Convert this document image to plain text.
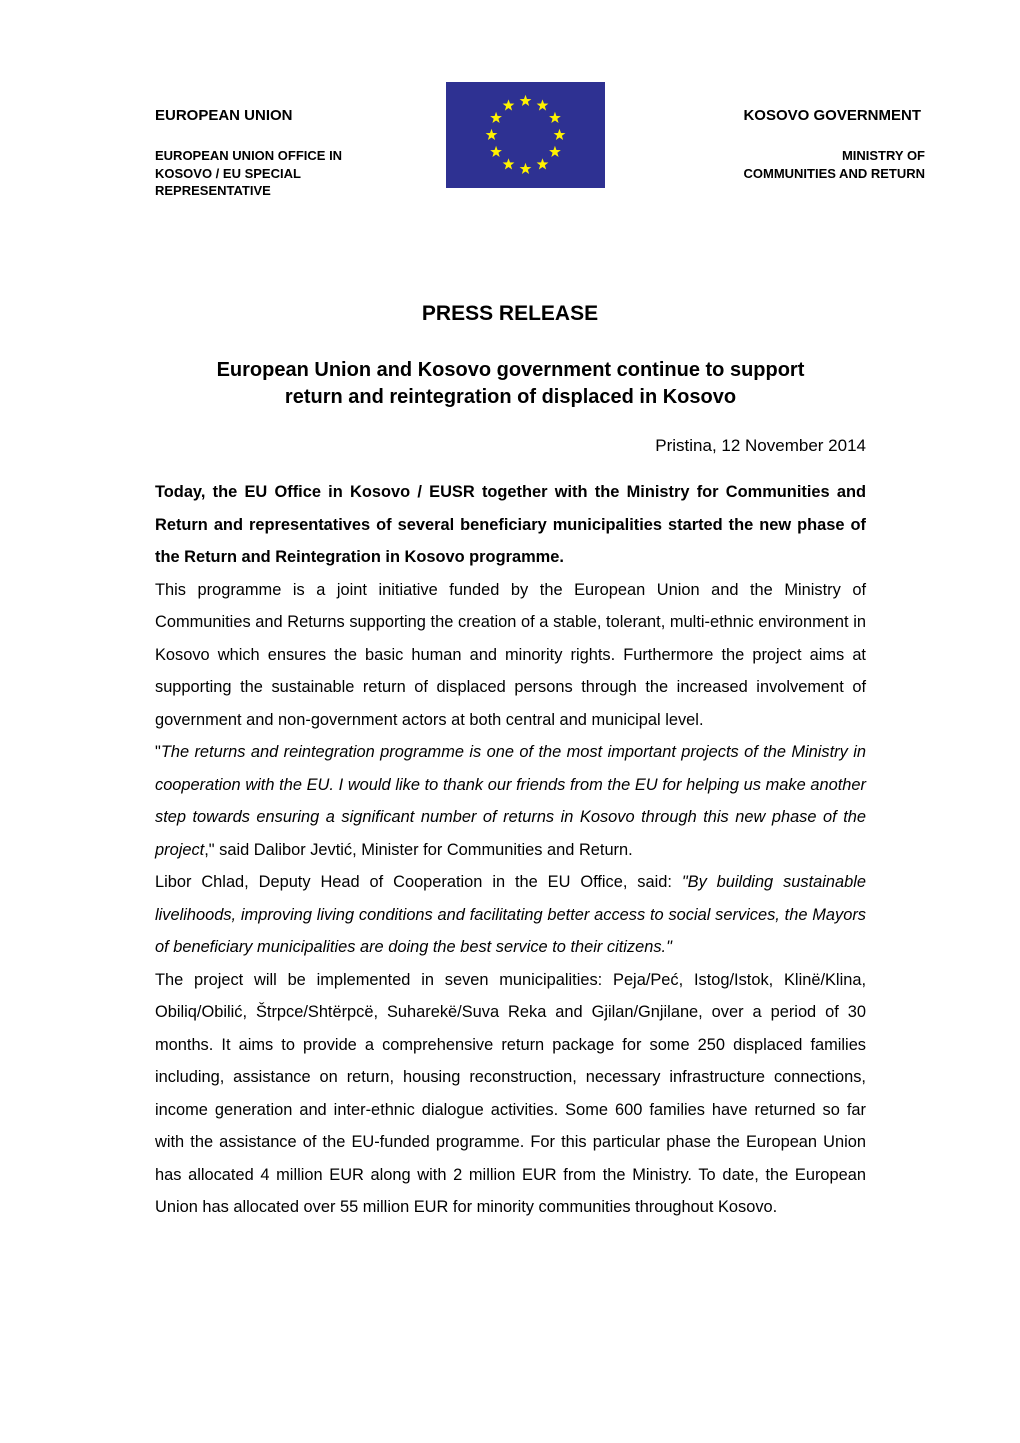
EUROPEAN UNION
EUROPEAN UNION OFFICE IN KOSOVO / EU SPECIAL REPRESENTATIVE
KOSOVO GOVERNMENT
MINISTRY OF
COMMUNITIES AND RETURN
PRESS RELEASE
European Union and Kosovo government continue to support
return and reintegration of displaced in Kosovo
Pristina, 12 November 2014

Today, the EU Office in Kosovo / EUSR together with the Ministry for Communities and Return and representatives of several beneficiary municipalities started the new phase of the Return and Reintegration in Kosovo programme.

This programme is a joint initiative funded by the European Union and the Ministry of Communities and Returns supporting the creation of a stable, tolerant, multi-ethnic environment in Kosovo which ensures the basic human and minority rights. Furthermore the project aims at supporting the sustainable return of displaced persons through the increased involvement of government and non-government actors at both central and municipal level.

"The returns and reintegration programme is one of the most important projects of the Ministry in cooperation with the EU. I would like to thank our friends from the EU for helping us make another step towards ensuring a significant number of returns in Kosovo through this new phase of the project," said Dalibor Jevtić, Minister for Communities and Return.

Libor Chlad, Deputy Head of Cooperation in the EU Office, said: "By building sustainable livelihoods, improving living conditions and facilitating better access to social services, the Mayors of beneficiary municipalities are doing the best service to their citizens."

The project will be implemented in seven municipalities: Peja/Peć, Istog/Istok, Klinë/Klina, Obiliq/Obilić, Štrpce/Shtërpcë, Suharekë/Suva Reka and Gjilan/Gnjilane, over a period of 30 months. It aims to provide a comprehensive return package for some 250 displaced families including, assistance on return, housing reconstruction, necessary infrastructure connections, income generation and inter-ethnic dialogue activities. Some 600 families have returned so far with the assistance of the EU-funded programme. For this particular phase the European Union has allocated 4 million EUR along with 2 million EUR from the Ministry. To date, the European Union has allocated over 55 million EUR for minority communities throughout Kosovo.
